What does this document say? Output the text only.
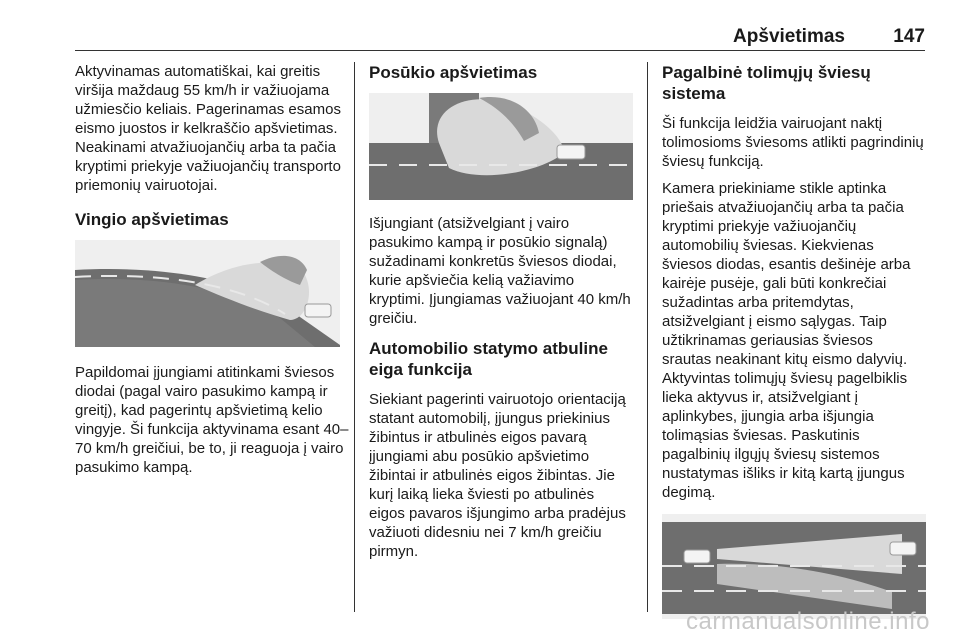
Apšvietimas	147

Aktyvinamas automatiškai, kai greitis viršija maždaug 55 km/h ir važiuojama užmiesčio keliais. Pagerinamas esamos eismo juostos ir kelkraščio apšvietimas. Neakinami atvažiuojančių arba ta pačia kryptimi priekyje važiuojančių transporto priemonių vairuotojai.

Vingio apšvietimas

Papildomai įjungiami atitinkami šviesos diodai (pagal vairo pasukimo kampą ir greitį), kad pagerintų apšvietimą kelio vingyje. Ši funkcija aktyvinama esant 40–70 km/h greičiui, be to, ji reaguoja į vairo pasukimo kampą.

Posūkio apšvietimas

Išjungiant (atsižvelgiant į vairo pasukimo kampą ir posūkio signalą) sužadinami konkretūs šviesos diodai, kurie apšviečia kelią važiavimo kryptimi. Įjungiamas važiuojant 40 km/h greičiu.

Automobilio statymo atbuline eiga funkcija

Siekiant pagerinti vairuotojo orientaciją statant automobilį, įjungus priekinius žibintus ir atbulinės eigos pavarą įjungiami abu posūkio apšvietimo žibintai ir atbulinės eigos žibintas. Jie kurį laiką lieka šviesti po atbulinės eigos pavaros išjungimo arba pradėjus važiuoti didesniu nei 7 km/h greičiu pirmyn.

Pagalbinė tolimųjų šviesų sistema

Ši funkcija leidžia vairuojant naktį tolimosioms šviesoms atlikti pagrindinių šviesų funkciją.

Kamera priekiniame stikle aptinka priešais atvažiuojančių arba ta pačia kryptimi priekyje važiuojančių automobilių šviesas. Kiekvienas šviesos diodas, esantis dešinėje arba kairėje pusėje, gali būti konkrečiai sužadintas arba pritemdytas, atsižvelgiant į eismo sąlygas. Taip užtikrinamas geriausias šviesos srautas neakinant kitų eismo dalyvių. Aktyvintas tolimųjų šviesų pagelbiklis lieka aktyvus ir, atsižvelgiant į aplinkybes, įjungia arba išjungia tolimąsias šviesas. Paskutinis pagalbinių ilgųjų šviesų sistemos nustatymas išliks ir kitą kartą įjungus degimą.

carmanualsonline.info
